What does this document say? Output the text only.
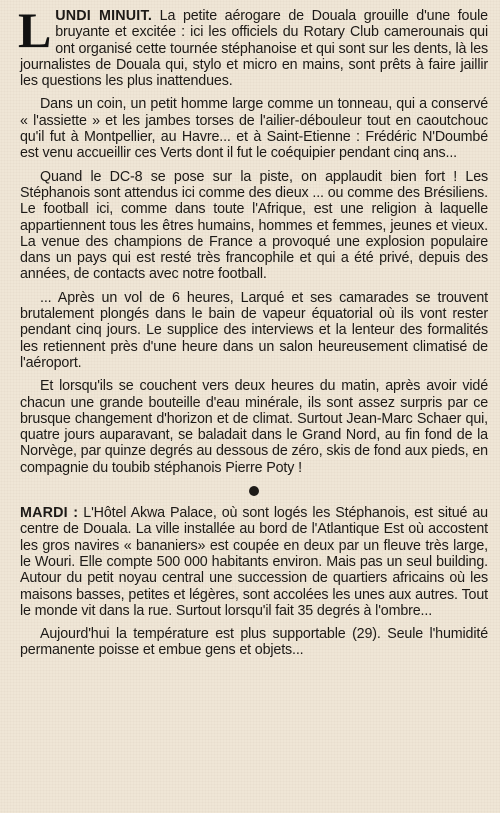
LUNDI MINUIT. La petite aérogare de Douala grouille d'une foule bruyante et excitée : ici les officiels du Rotary Club camerounais qui ont organisé cette tournée stéphanoise et qui sont sur les dents, là les journalistes de Douala qui, stylo et micro en mains, sont prêts à faire jaillir les questions les plus inattendues.

Dans un coin, un petit homme large comme un tonneau, qui a conservé « l'assiette » et les jambes torses de l'ailier-débouleur tout en caoutchouc qu'il fut à Montpellier, au Havre... et à Saint-Etienne : Frédéric N'Doumbé est venu accueillir ces Verts dont il fut le coéquipier pendant cinq ans...

Quand le DC-8 se pose sur la piste, on applaudit bien fort ! Les Stéphanois sont attendus ici comme des dieux ... ou comme des Brésiliens. Le football ici, comme dans toute l'Afrique, est une religion à laquelle appartiennent tous les êtres humains, hommes et femmes, jeunes et vieux. La venue des champions de France a provoqué une explosion populaire dans un pays qui est resté très francophile et qui a été privé, depuis des années, de contacts avec notre football.

... Après un vol de 6 heures, Larqué et ses camarades se trouvent brutalement plongés dans le bain de vapeur équatorial où ils vont rester pendant cinq jours. Le supplice des interviews et la lenteur des formalités les retiennent près d'une heure dans un salon heureusement climatisé de l'aéroport.

Et lorsqu'ils se couchent vers deux heures du matin, après avoir vidé chacun une grande bouteille d'eau minérale, ils sont assez surpris par ce brusque changement d'horizon et de climat. Surtout Jean-Marc Schaer qui, quatre jours auparavant, se baladait dans le Grand Nord, au fin fond de la Norvège, par quinze degrés au dessous de zéro, skis de fond aux pieds, en compagnie du toubib stéphanois Pierre Poty !

MARDI : L'Hôtel Akwa Palace, où sont logés les Stéphanois, est situé au centre de Douala. La ville installée au bord de l'Atlantique Est où accostent les gros navires « bananiers» est coupée en deux par un fleuve très large, le Wouri. Elle compte 500 000 habitants environ. Mais pas un seul building. Autour du petit noyau central une succession de quartiers africains où les maisons basses, petites et légères, sont accolées les unes aux autres. Tout le monde vit dans la rue. Surtout lorsqu'il fait 35 degrés à l'ombre...

Aujourd'hui la température est plus supportable (29). Seule l'humidité permanente poisse et embue gens et objets...
